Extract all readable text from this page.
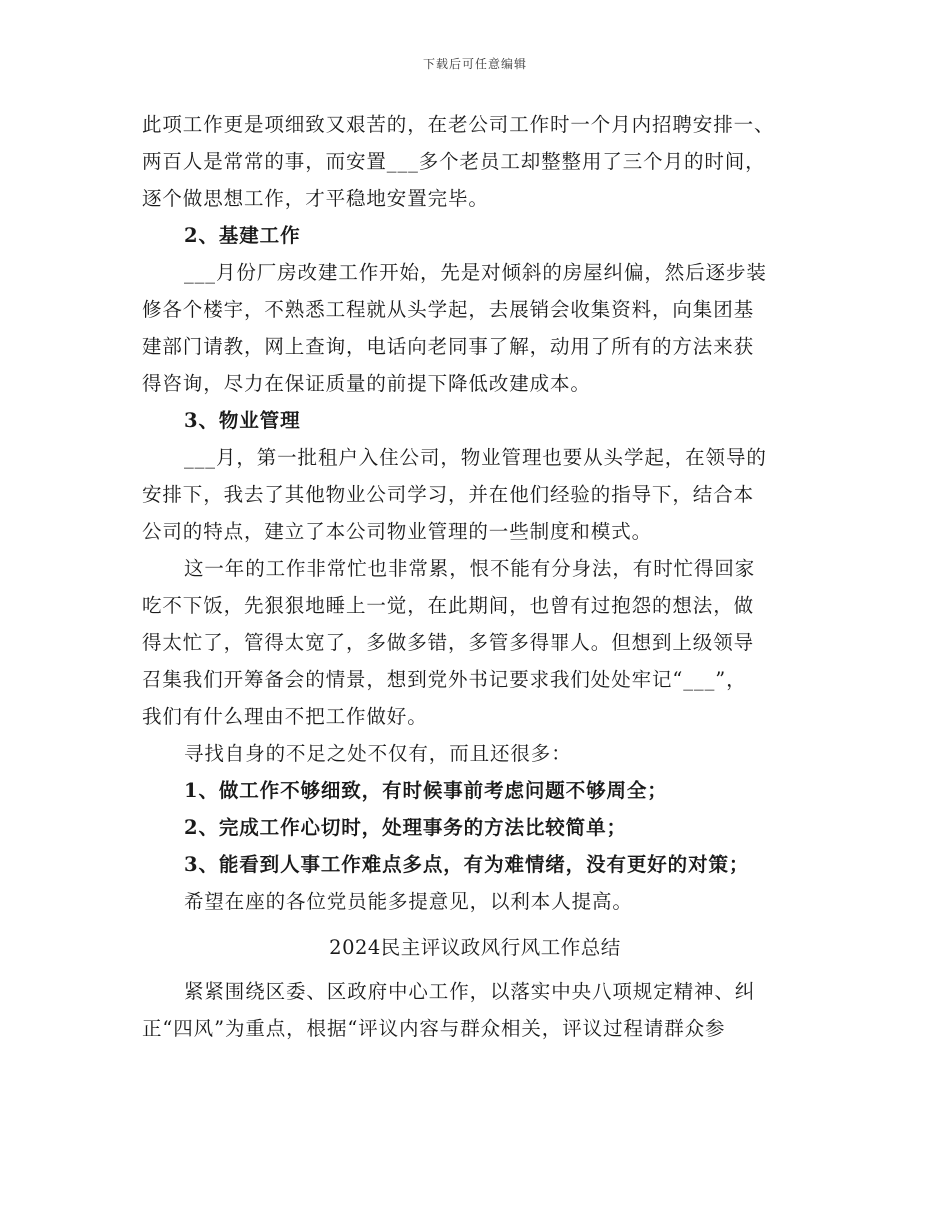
下载后可任意编辑
此项工作更是项细致又艰苦的，在老公司工作时一个月内招聘安排一、
两百人是常常的事，而安置___多个老员工却整整用了三个月的时间，
逐个做思想工作，才平稳地安置完毕。
2、基建工作
___月份厂房改建工作开始，先是对倾斜的房屋纠偏，然后逐步装
修各个楼宇，不熟悉工程就从头学起，去展销会收集资料，向集团基
建部门请教，网上查询，电话向老同事了解，动用了所有的方法来获
得咨询，尽力在保证质量的前提下降低改建成本。
3、物业管理
___月，第一批租户入住公司，物业管理也要从头学起，在领导的
安排下，我去了其他物业公司学习，并在他们经验的指导下，结合本
公司的特点，建立了本公司物业管理的一些制度和模式。
这一年的工作非常忙也非常累，恨不能有分身法，有时忙得回家
吃不下饭，先狠狠地睡上一觉，在此期间，也曾有过抱怨的想法，做
得太忙了，管得太宽了，多做多错，多管多得罪人。但想到上级领导
召集我们开筹备会的情景，想到党外书记要求我们处处牢记“___”，
我们有什么理由不把工作做好。
寻找自身的不足之处不仅有，而且还很多：
1、做工作不够细致，有时候事前考虑问题不够周全；
2、完成工作心切时，处理事务的方法比较简单；
3、能看到人事工作难点多点，有为难情绪，没有更好的对策；
希望在座的各位党员能多提意见，以利本人提高。
2024民主评议政风行风工作总结
紧紧围绕区委、区政府中心工作，以落实中央八项规定精神、纠
正“四风”为重点，根据“评议内容与群众相关，评议过程请群众参
